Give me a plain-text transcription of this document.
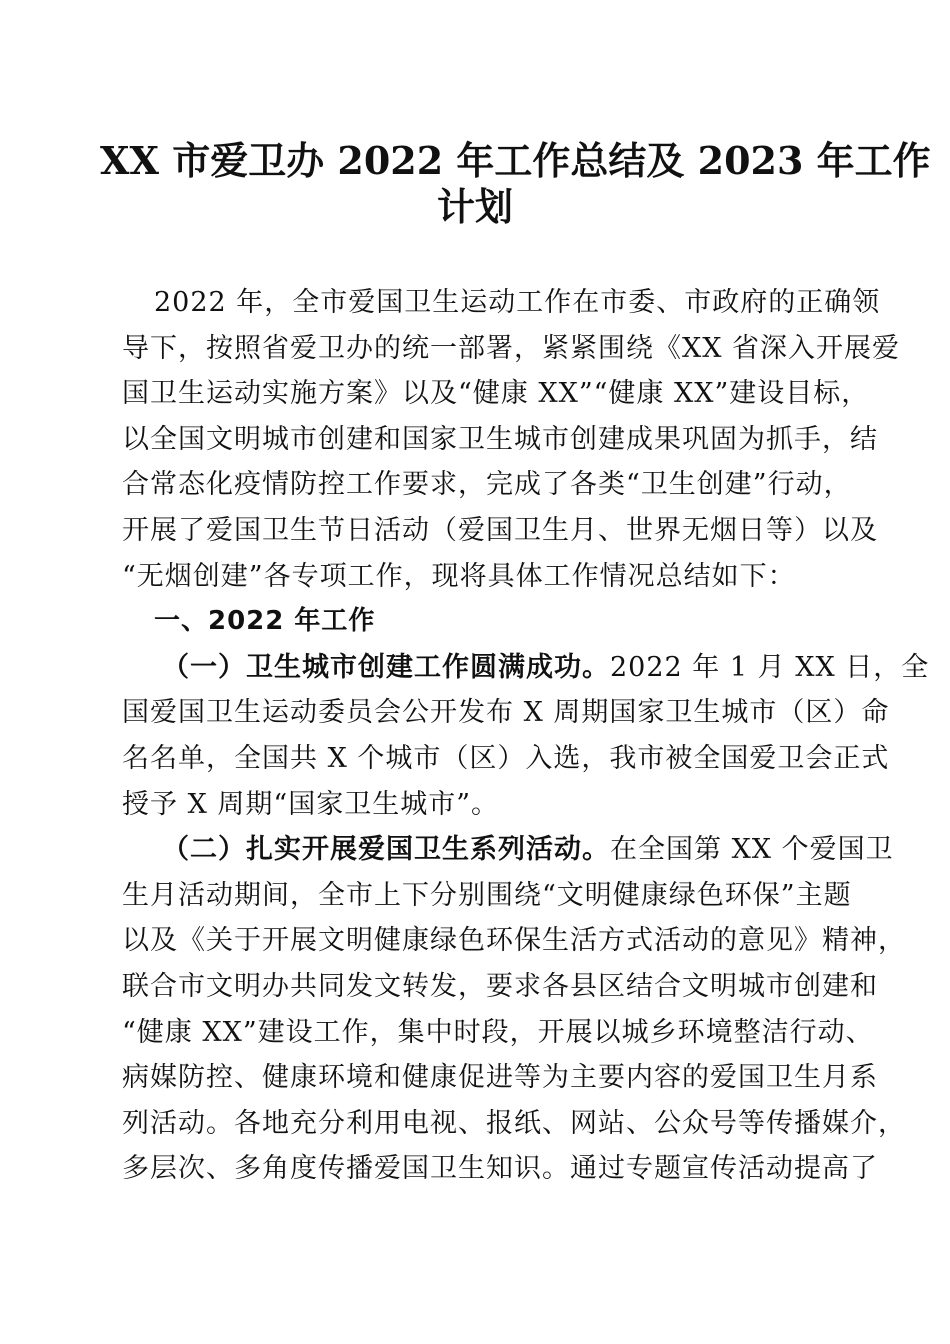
XX 市爱卫办 2022 年工作总结及 2023 年工作
计划
2022 年，全市爱国卫生运动工作在市委、市政府的正确领
导下，按照省爱卫办的统一部署，紧紧围绕《XX 省深入开展爱
国卫生运动实施方案》以及“健康 XX”“健康 XX”建设目标，
以全国文明城市创建和国家卫生城市创建成果巩固为抓手，结
合常态化疫情防控工作要求，完成了各类“卫生创建”行动，
开展了爱国卫生节日活动（爱国卫生月、世界无烟日等）以及
“无烟创建”各专项工作，现将具体工作情况总结如下：
一、2022 年工作
（一）卫生城市创建工作圆满成功。2022 年 1 月 XX 日，全
国爱国卫生运动委员会公开发布 X 周期国家卫生城市（区）命
名名单，全国共 X 个城市（区）入选，我市被全国爱卫会正式
授予 X 周期“国家卫生城市”。
（二）扎实开展爱国卫生系列活动。在全国第 XX 个爱国卫
生月活动期间，全市上下分别围绕“文明健康绿色环保”主题
以及《关于开展文明健康绿色环保生活方式活动的意见》精神，
联合市文明办共同发文转发，要求各县区结合文明城市创建和
“健康 XX”建设工作，集中时段，开展以城乡环境整洁行动、
病媒防控、健康环境和健康促进等为主要内容的爱国卫生月系
列活动。各地充分利用电视、报纸、网站、公众号等传播媒介，
多层次、多角度传播爱国卫生知识。通过专题宣传活动提高了
